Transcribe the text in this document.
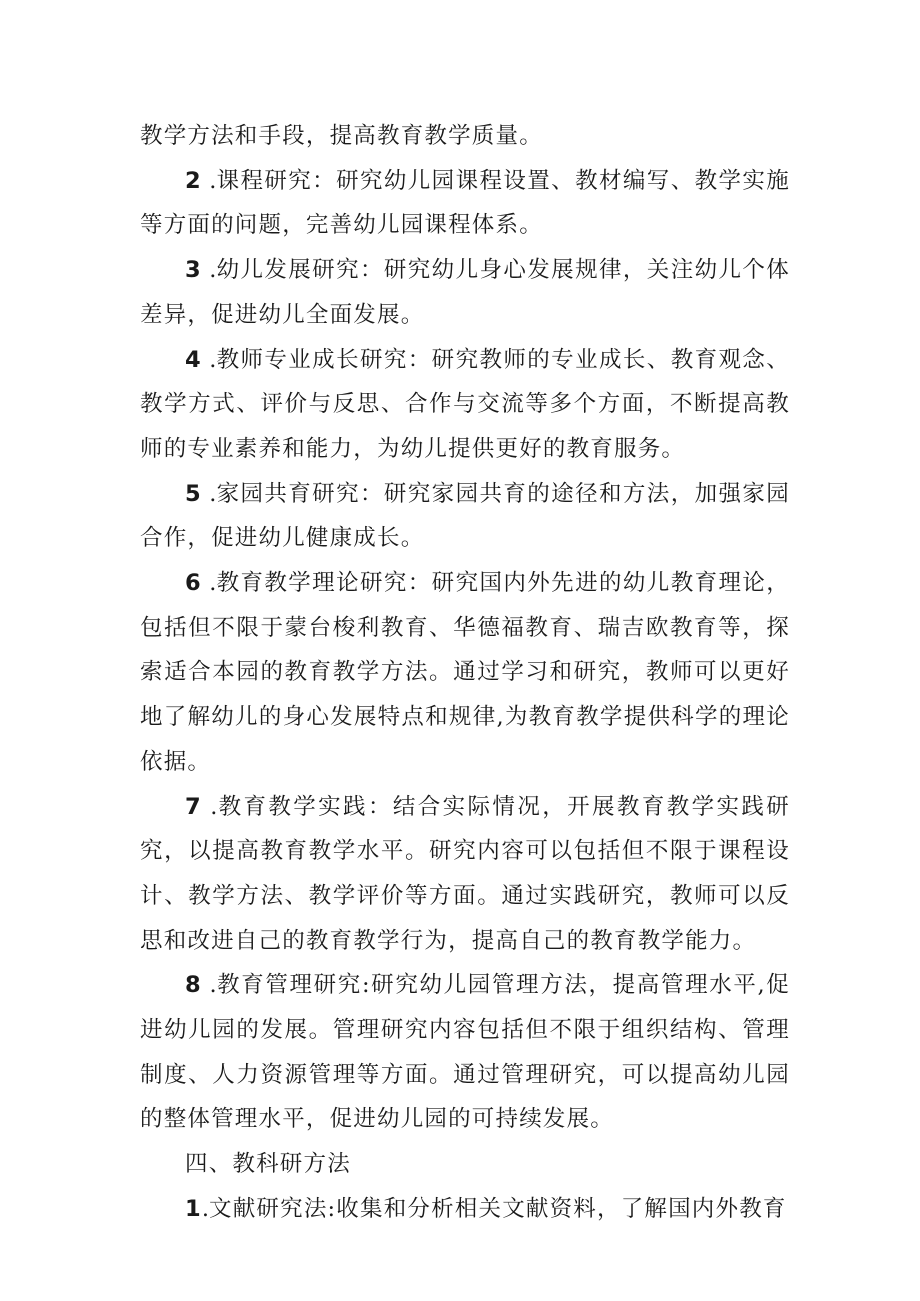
教学方法和手段，提高教育教学质量。

2 .课程研究：研究幼儿园课程设置、教材编写、教学实施等方面的问题，完善幼儿园课程体系。

3 .幼儿发展研究：研究幼儿身心发展规律，关注幼儿个体差异，促进幼儿全面发展。

4 .教师专业成长研究：研究教师的专业成长、教育观念、教学方式、评价与反思、合作与交流等多个方面，不断提高教师的专业素养和能力，为幼儿提供更好的教育服务。

5 .家园共育研究：研究家园共育的途径和方法，加强家园合作，促进幼儿健康成长。

6 .教育教学理论研究：研究国内外先进的幼儿教育理论，包括但不限于蒙台梭利教育、华德福教育、瑞吉欧教育等，探索适合本园的教育教学方法。通过学习和研究，教师可以更好地了解幼儿的身心发展特点和规律,为教育教学提供科学的理论依据。

7 .教育教学实践：结合实际情况，开展教育教学实践研究，以提高教育教学水平。研究内容可以包括但不限于课程设计、教学方法、教学评价等方面。通过实践研究，教师可以反思和改进自己的教育教学行为，提高自己的教育教学能力。

8 .教育管理研究:研究幼儿园管理方法，提高管理水平,促进幼儿园的发展。管理研究内容包括但不限于组织结构、管理制度、人力资源管理等方面。通过管理研究，可以提高幼儿园的整体管理水平，促进幼儿园的可持续发展。

四、教科研方法

1.文献研究法:收集和分析相关文献资料，了解国内外教育
